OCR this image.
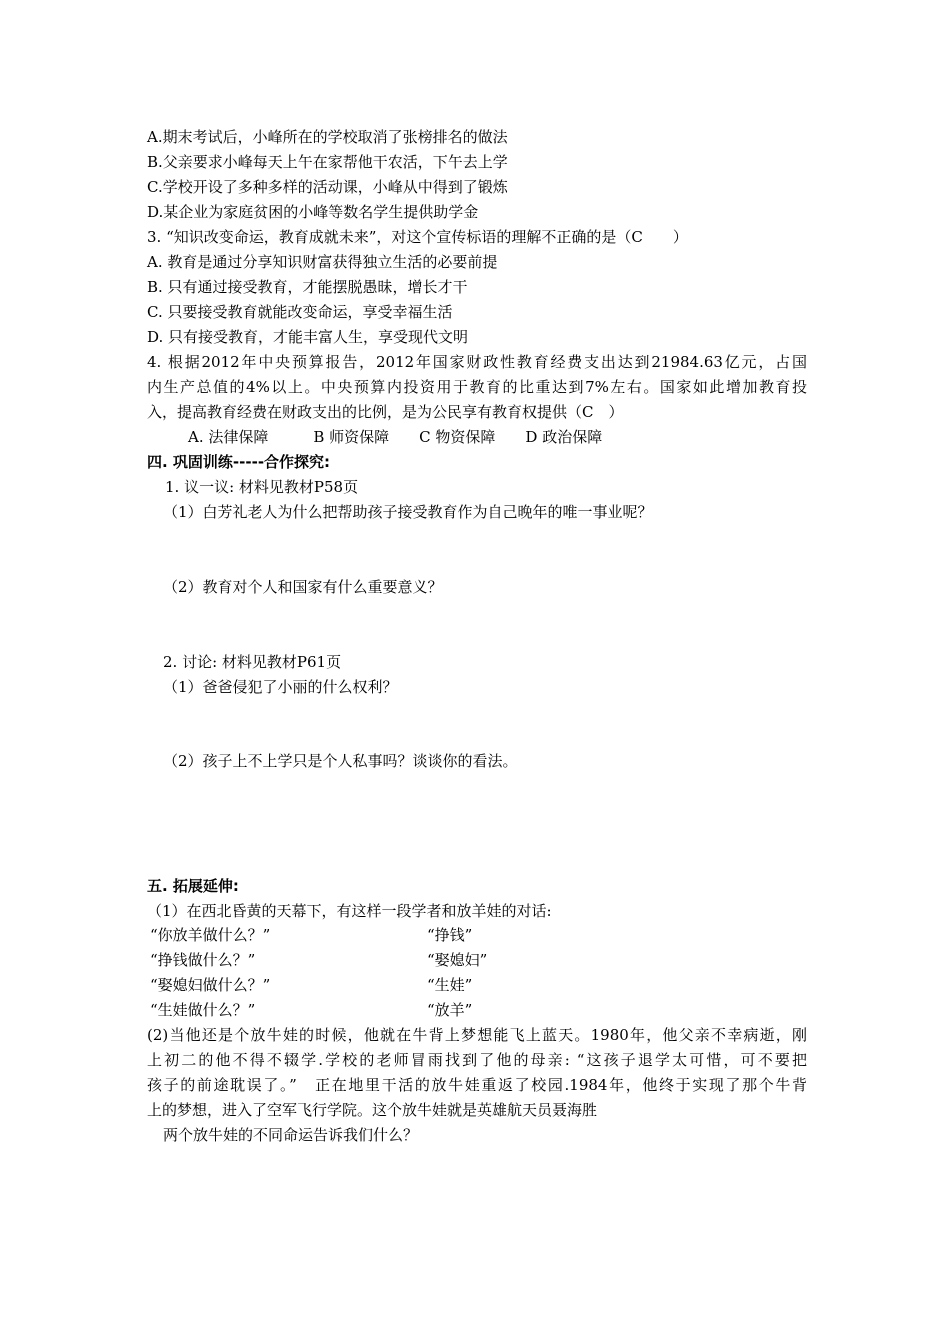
A.期末考试后，小峰所在的学校取消了张榜排名的做法
B.父亲要求小峰每天上午在家帮他干农活，下午去上学
C.学校开设了多种多样的活动课，小峰从中得到了锻炼
D.某企业为家庭贫困的小峰等数名学生提供助学金
3. “知识改变命运，教育成就未来”，对这个宣传标语的理解不正确的是（C　　）
A. 教育是通过分享知识财富获得独立生活的必要前提
B. 只有通过接受教育，才能摆脱愚昧，增长才干
C. 只要接受教育就能改变命运，享受幸福生活
D. 只有接受教育，才能丰富人生，享受现代文明
4. 根据2012年中央预算报告，2012年国家财政性教育经费支出达到21984.63亿元，占国
内生产总值的4%以上。中央预算内投资用于教育的比重达到7%左右。国家如此增加教育投
入，提高教育经费在财政支出的比例，是为公民享有教育权提供（C　）
A. 法律保障　　　B 师资保障　　C 物资保障　　D 政治保障
四. 巩固训练-----合作探究:
1. 议一议: 材料见教材P58页
（1）白芳礼老人为什么把帮助孩子接受教育作为自己晚年的唯一事业呢？
（2）教育对个人和国家有什么重要意义？
2. 讨论: 材料见教材P61页
（1）爸爸侵犯了小丽的什么权利？
（2）孩子上不上学只是个人私事吗？谈谈你的看法。
五. 拓展延伸:
（1）在西北昏黄的天幕下，有这样一段学者和放羊娃的对话:
“你放羊做什么？”	“挣钱”
“挣钱做什么？”	“娶媳妇”
“娶媳妇做什么？”	“生娃”
“生娃做什么？”	“放羊”
(2)当他还是个放牛娃的时候，他就在牛背上梦想能飞上蓝天。1980年，他父亲不幸病逝，刚
上初二的他不得不辍学.学校的老师冒雨找到了他的母亲: “这孩子退学太可惜，可不要把
孩子的前途耽误了。”　正在地里干活的放牛娃重返了校园.1984年，他终于实现了那个牛背
上的梦想，进入了空军飞行学院。这个放牛娃就是英雄航天员聂海胜
两个放牛娃的不同命运告诉我们什么？
